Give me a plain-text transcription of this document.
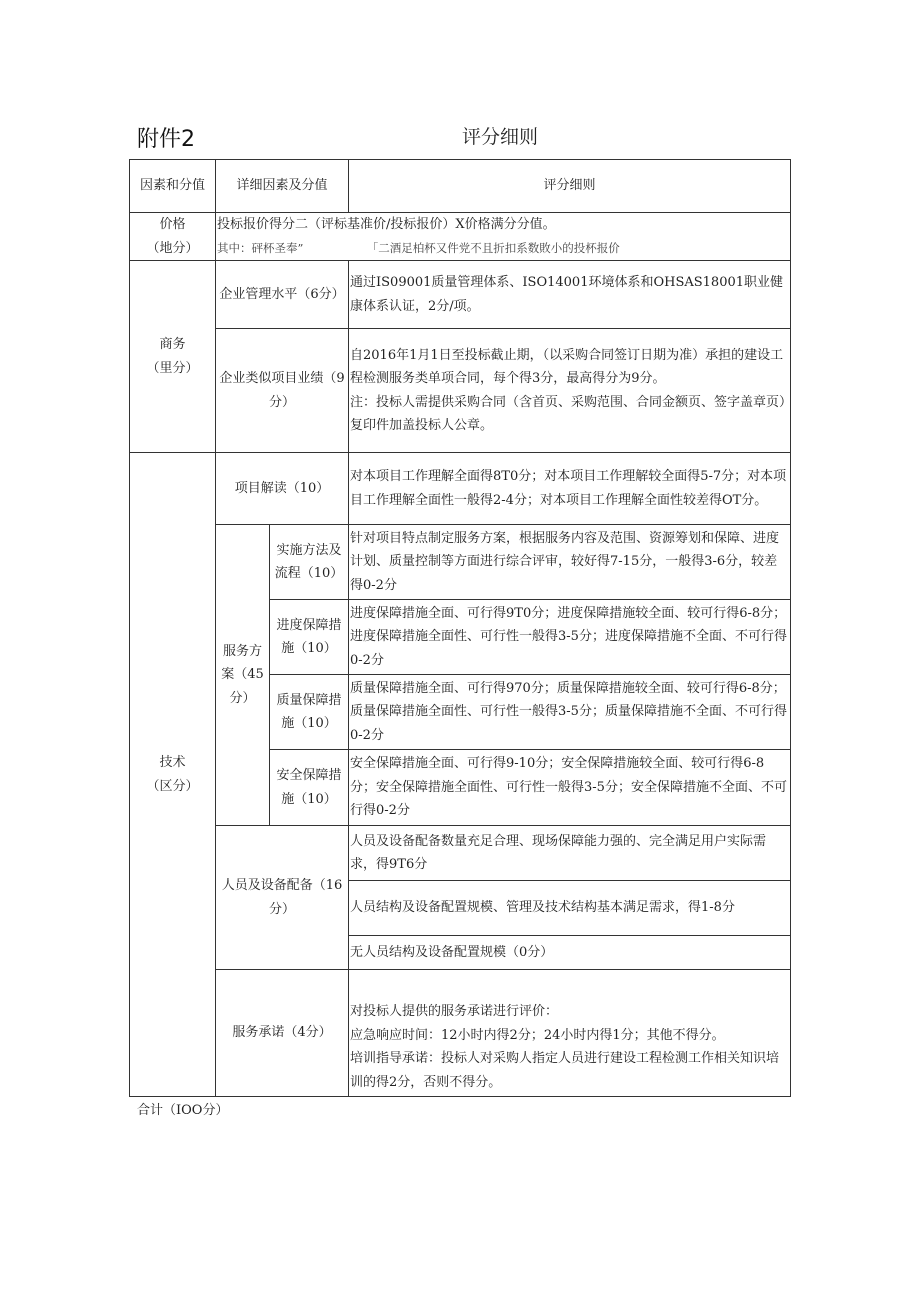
附件2	评分细则
因素和分值	详细因素及分值		评分细则

价格
（地分）	投标报价得分二（评标基准价/投标报价）X价格满分分值。
其中：砰杯圣奉” 「二酒足柏杯又件党不且折扣系数敗小的投杯报价		

商务
（里分）	企业管理水平（6分）		通过IS09001质量管理体系、ISO14001环境体系和OHSAS18001职业健康体系认证，2分/项。
	企业类似项目业绩（9分）		自2016年1月1日至投标截止期，（以采购合同签订日期为准）承担的建设工程检测服务类单项合同，每个得3分，最高得分为9分。
注：投标人需提供采购合同（含首页、采购范围、合同金额页、签字盖章页）复印件加盖投标人公章。

技术
（区分）	项目解读（10）		对本项目工作理解全面得8T0分；对本项目工作理解较全面得5-7分；对本项目工作理解全面性一般得2-4分；对本项目工作理解全面性较差得OT分。
	服务方案（45分）	实施方法及流程（10）	针对项目特点制定服务方案，根据服务内容及范围、资源筹划和保障、进度计划、质量控制等方面进行综合评审，较好得7-15分，一般得3-6分，较差得0-2分
		进度保障措施（10）	进度保障措施全面、可行得9T0分；进度保障措施较全面、较可行得6-8分；进度保障措施全面性、可行性一般得3-5分；进度保障措施不全面、不可行得0-2分
		质量保障措施（10）	质量保障措施全面、可行得970分；质量保障措施较全面、较可行得6-8分；质量保障措施全面性、可行性一般得3-5分；质量保障措施不全面、不可行得0-2分
		安全保障措施（10）	安全保障措施全面、可行得9-10分；安全保障措施较全面、较可行得6-8分；安全保障措施全面性、可行性一般得3-5分；安全保障措施不全面、不可行得0-2分
	人员及设备配备（16分）		人员及设备配备数量充足合理、现场保障能力强的、完全满足用户实际需求，得9T6分
			人员结构及设备配置规模、管理及技术结构基本满足需求，得1-8分
			无人员结构及设备配置规模（0分）
	服务承诺（4分）		对投标人提供的服务承诺进行评价：
应急响应时间：12小时内得2分；24小时内得1分；其他不得分。
培训指导承诺：投标人对采购人指定人员进行建设工程检测工作相关知识培训的得2分，否则不得分。
合计（IOO分）
